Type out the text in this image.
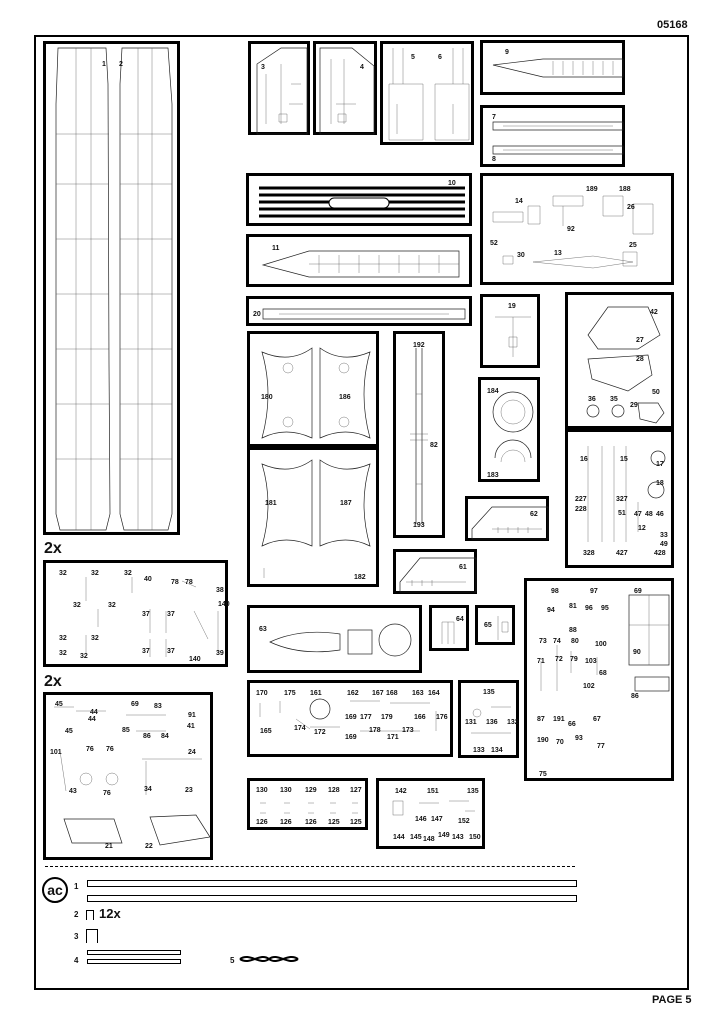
05168
1 2	3	4
5	6
9
7
8
10
11
20
189	188
14
26
92
52
30	13
25
19
42
27
28
50
36 35
29
180	186
192
82
193
184
183
16	15
17
18
227	327
228
51 47 48 46
12
33
49
328	427	428
181	187
182
62
61
63
64
65
98	97	69
94
81 96 95
88
73 74 80 100
72 79 103
68
71
102
90
86
87 191
66
67
190 70
93
77
75
2x
2x
32	32	32
40	78 78
38
32	32
37 37
140
32	32
37 37	39
32 32	140
45
44
44
69 83
91
45	85
86 84
41
101	76 76	24
43	76
34	23
21	22
170 175 161	162 167 168 163 164
165	174
172
169 177 179	166 176
178	173
171
169
135
131 136 132
133 134
130 130 129 128 127
126 126 126 125 125
142	151	135
146 147 152
144 145 148
149 143 150
ac	1
2 12x
3
4	5
PAGE 5
